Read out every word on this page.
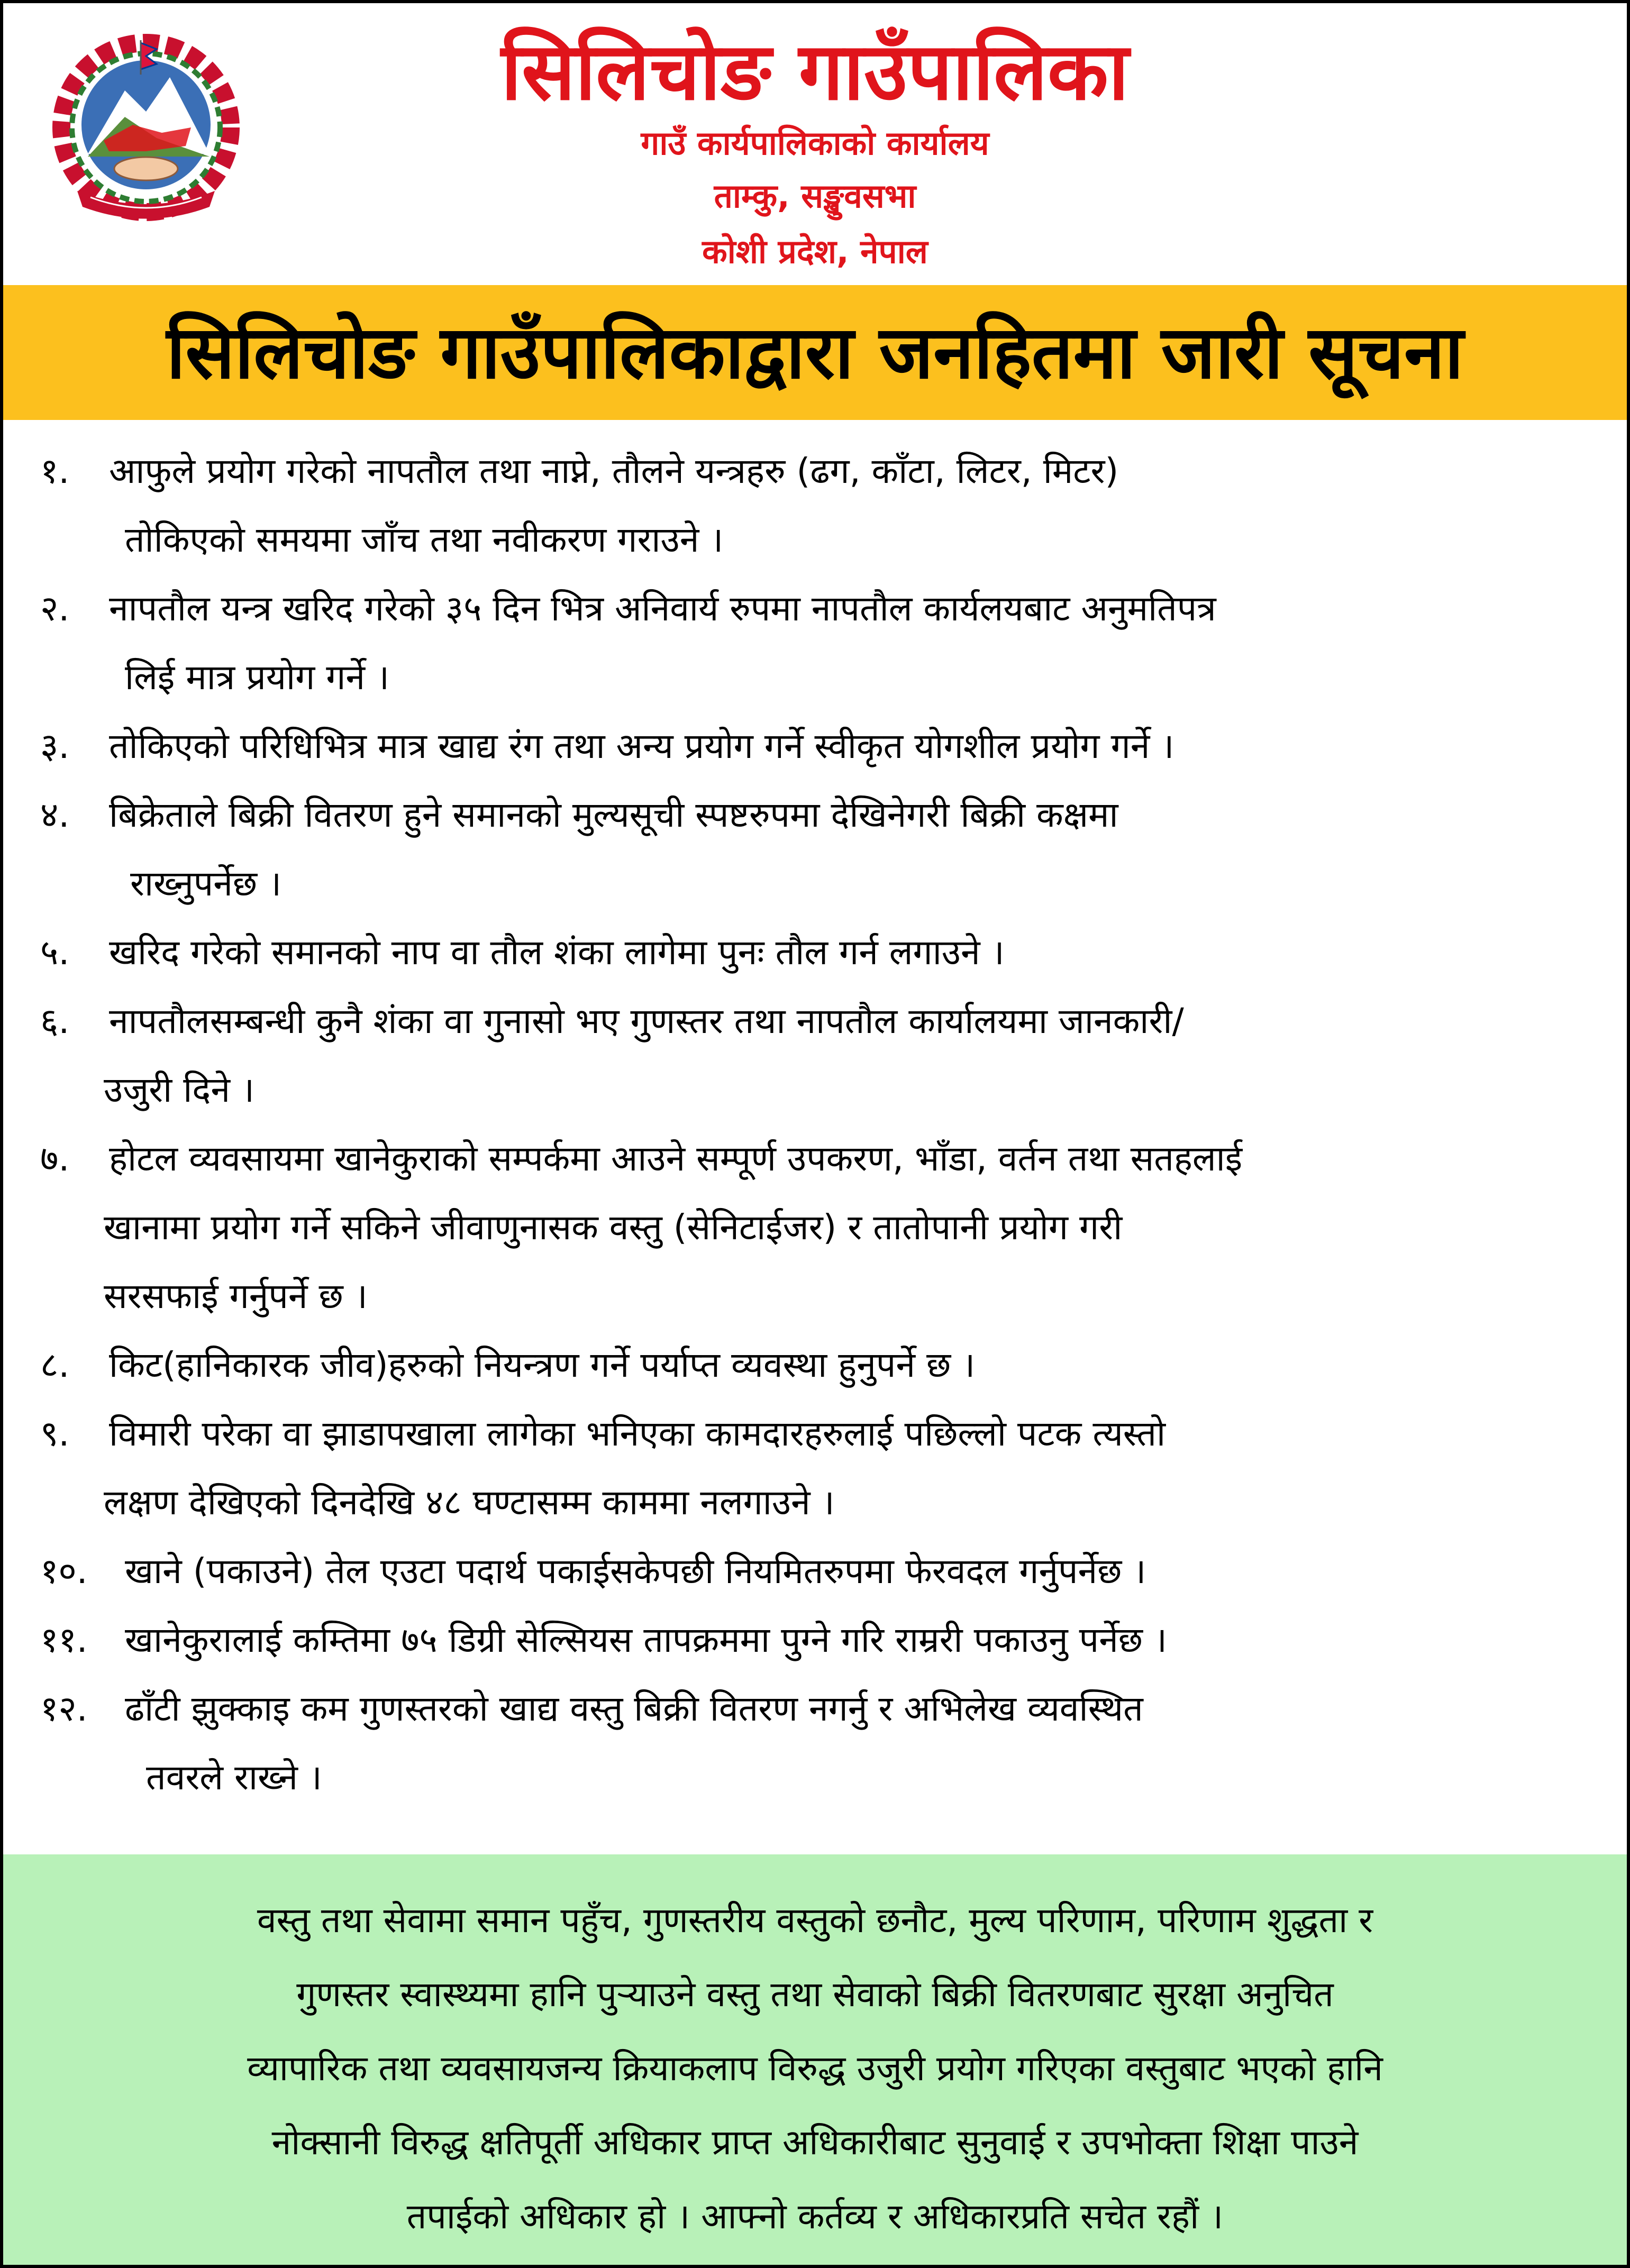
सिलिचोङ गाउँपालिका
गाउँ कार्यपालिकाको कार्यालय
ताम्कु, सङ्खुवसभा
कोशी प्रदेश, नेपाल
सिलिचोङ गाउँपालिकाद्वारा जनहितमा जारी सूचना
१.	आफुले प्रयोग गरेको नापतौल तथा नाप्ने, तौलने यन्त्रहरु (ढग, काँटा, लिटर, मिटर)
तोकिएको समयमा जाँच तथा नवीकरण गराउने ।
२.	नापतौल यन्त्र खरिद गरेको ३५ दिन भित्र अनिवार्य रुपमा नापतौल कार्यलयबाट अनुमतिपत्र
लिई मात्र प्रयोग गर्ने ।
३.	तोकिएको परिधिभित्र मात्र खाद्य रंग तथा अन्य प्रयोग गर्ने स्वीकृत योगशील प्रयोग गर्ने ।
४.	बिक्रेताले बिक्री वितरण हुने समानको मुल्यसूची स्पष्टरुपमा देखिनेगरी बिक्री कक्षमा
राख्नुपर्नेछ ।
५.	खरिद गरेको समानको नाप वा तौल शंका लागेमा पुनः तौल गर्न लगाउने ।
६.	नापतौलसम्बन्धी कुनै शंका वा गुनासो भए गुणस्तर तथा नापतौल कार्यालयमा जानकारी/
उजुरी दिने ।
७.	होटल व्यवसायमा खानेकुराको सम्पर्कमा आउने सम्पूर्ण उपकरण, भाँडा, वर्तन तथा सतहलाई
खानामा प्रयोग गर्ने सकिने जीवाणुनासक वस्तु (सेनिटाईजर) र तातोपानी प्रयोग गरी
सरसफाई गर्नुपर्ने छ ।
८.	किट(हानिकारक जीव)हरुको नियन्त्रण गर्ने पर्याप्त व्यवस्था हुनुपर्ने छ ।
९.	विमारी परेका वा झाडापखाला लागेका भनिएका कामदारहरुलाई पछिल्लो पटक त्यस्तो
लक्षण देखिएको दिनदेखि ४८ घण्टासम्म काममा नलगाउने ।
१०.	खाने (पकाउने) तेल एउटा पदार्थ पकाईसकेपछी नियमितरुपमा फेरवदल गर्नुपर्नेछ ।
११.	खानेकुरालाई कम्तिमा ७५ डिग्री सेल्सियस तापक्रममा पुग्ने गरि राम्ररी पकाउनु पर्नेछ ।
१२.	ढाँटी झुक्काइ कम गुणस्तरको खाद्य वस्तु बिक्री वितरण नगर्नु र अभिलेख व्यवस्थित
तवरले राख्ने ।
वस्तु तथा सेवामा समान पहुँच, गुणस्तरीय वस्तुको छनौट, मुल्य परिणाम, परिणाम शुद्धता र
गुणस्तर स्वास्थ्यमा हानि पुऱ्याउने वस्तु तथा सेवाको बिक्री वितरणबाट सुरक्षा अनुचित
व्यापारिक तथा व्यवसायजन्य क्रियाकलाप विरुद्ध उजुरी प्रयोग गरिएका वस्तुबाट भएको हानि
नोक्सानी विरुद्ध क्षतिपूर्ती अधिकार प्राप्त अधिकारीबाट सुनुवाई र उपभोक्ता शिक्षा पाउने
तपाईको अधिकार हो । आफ्नो कर्तव्य र अधिकारप्रति सचेत रहौं ।
